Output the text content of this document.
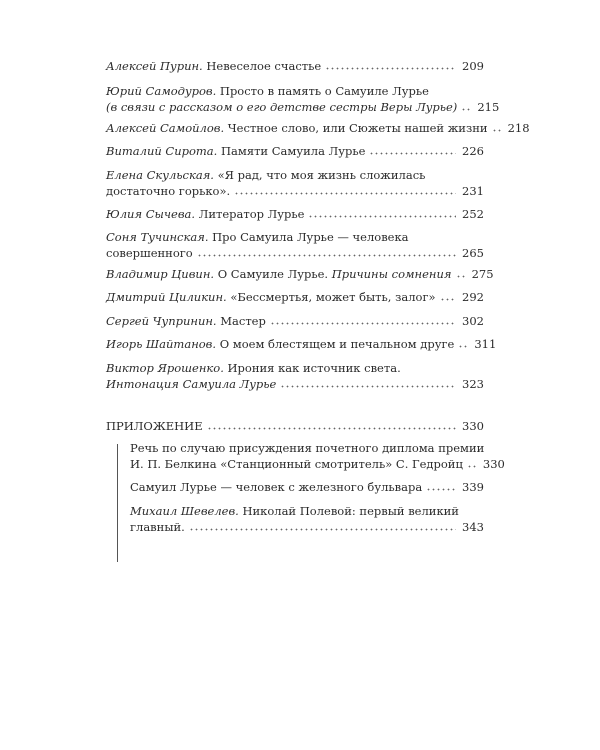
Алексей Пурин. Невеселое счастье	209
Юрий Самодуров. Просто в память о Самуиле Лурье
(в связи с рассказом о его детстве сестры Веры Лурье) 215
Алексей Самойлов. Честное слово, или Сюжеты нашей жизни 218
Виталий Сирота. Памяти Самуила Лурье	226
Елена Скульская. «Я рад, что моя жизнь сложилась
достаточно горько».	231
Юлия Сычева. Литератор Лурье	252
Соня Тучинская. Про Самуила Лурье — человека
совершенного	265
Владимир Цивин. О Самуиле Лурье. Причины сомнения 275
Дмитрий Циликин. «Бессмертья, может быть, залог» 292
Сергей Чупринин. Мастер	302
Игорь Шайтанов. О моем блестящем и печальном друге 311
Виктор Ярошенко. Ирония как источник света.
Интонация Самуила Лурье	323
ПРИЛОЖЕНИЕ	330
Речь по случаю присуждения почетного диплома премии
И. П. Белкина «Станционный смотритель» С. Гедройц 330
Самуил Лурье — человек с железного бульвара	339
Михаил Шевелев. Николай Полевой: первый великий
главный.	343
